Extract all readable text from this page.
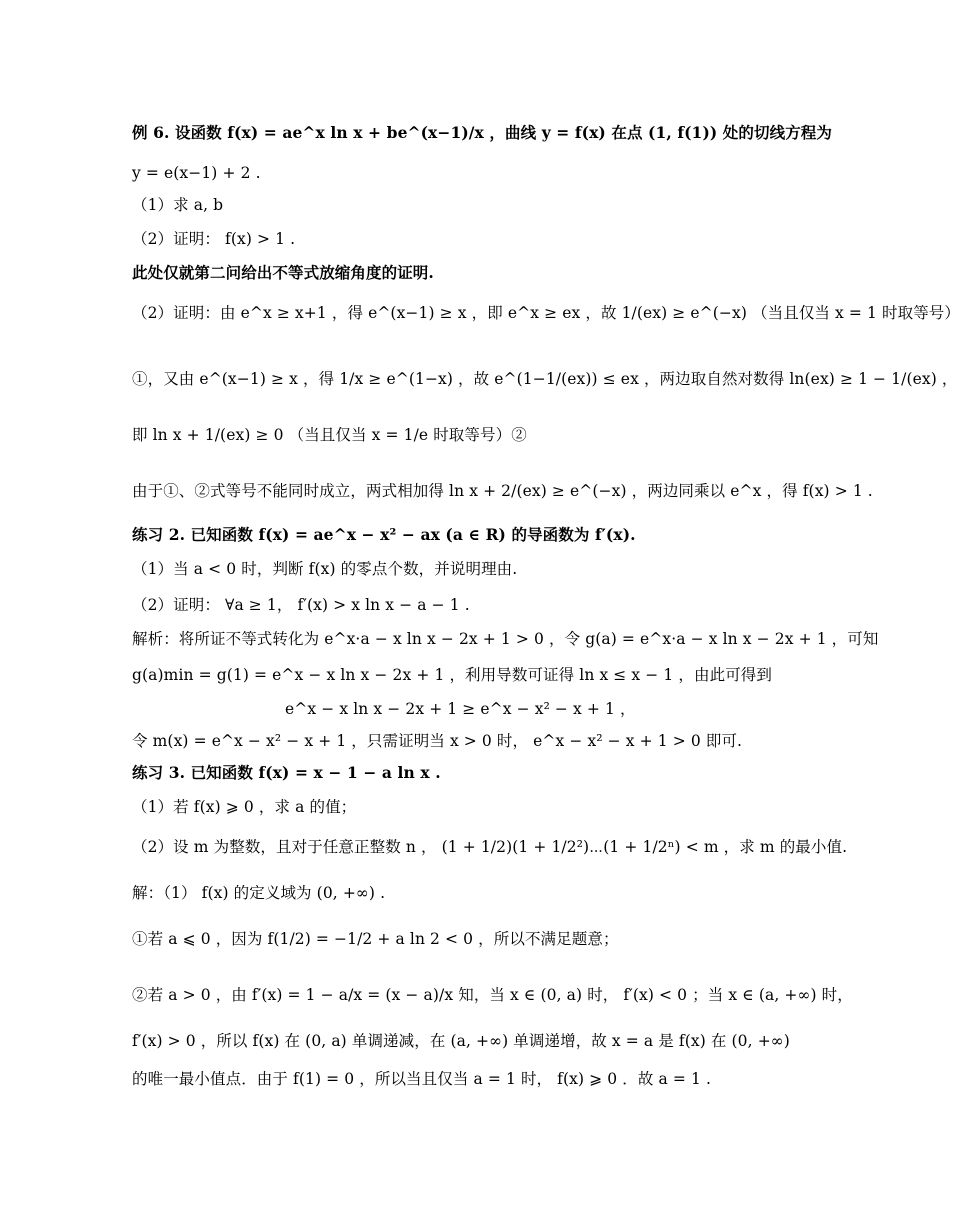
例 6. 设函数 f(x) = ae^x ln x + be^(x−1)/x ，曲线 y = f(x) 在点 (1, f(1)) 处的切线方程为
y = e(x−1) + 2 .
（1）求 a, b
（2）证明： f(x) > 1 .
此处仅就第二问给出不等式放缩角度的证明.
（2）证明：由 e^x ≥ x+1 ，得 e^(x−1) ≥ x ，即 e^x ≥ ex ，故 1/(ex) ≥ e^(−x) （当且仅当 x = 1 时取等号）
①，又由 e^(x−1) ≥ x ，得 1/x ≥ e^(1−x) ，故 e^(1−1/(ex)) ≤ ex ，两边取自然对数得 ln(ex) ≥ 1 − 1/(ex) ，
即 ln x + 1/(ex) ≥ 0 （当且仅当 x = 1/e 时取等号）②
由于①、②式等号不能同时成立，两式相加得 ln x + 2/(ex) ≥ e^(−x) ，两边同乘以 e^x ，得 f(x) > 1 .
练习 2. 已知函数 f(x) = ae^x − x² − ax (a ∈ R) 的导函数为 f′(x).
（1）当 a < 0 时，判断 f(x) 的零点个数，并说明理由.
（2）证明： ∀a ≥ 1， f′(x) > x ln x − a − 1 .
解析：将所证不等式转化为 e^x·a − x ln x − 2x + 1 > 0 ，令 g(a) = e^x·a − x ln x − 2x + 1 ，可知
g(a)min = g(1) = e^x − x ln x − 2x + 1 ，利用导数可证得 ln x ≤ x − 1 ，由此可得到
e^x − x ln x − 2x + 1 ≥ e^x − x² − x + 1 ，
令 m(x) = e^x − x² − x + 1 ，只需证明当 x > 0 时， e^x − x² − x + 1 > 0 即可.
练习 3. 已知函数 f(x) = x − 1 − a ln x .
（1）若 f(x) ⩾ 0 ，求 a 的值；
（2）设 m 为整数，且对于任意正整数 n ， (1 + 1/2)(1 + 1/2²)⋯(1 + 1/2ⁿ) < m ，求 m 的最小值.
解：（1） f(x) 的定义域为 (0, +∞) .
①若 a ⩽ 0 ，因为 f(1/2) = −1/2 + a ln 2 < 0 ，所以不满足题意；
②若 a > 0 ，由 f′(x) = 1 − a/x = (x − a)/x 知，当 x ∈ (0, a) 时， f′(x) < 0 ；当 x ∈ (a, +∞) 时，
f′(x) > 0 ，所以 f(x) 在 (0, a) 单调递减，在 (a, +∞) 单调递增，故 x = a 是 f(x) 在 (0, +∞)
的唯一最小值点．由于 f(1) = 0 ，所以当且仅当 a = 1 时， f(x) ⩾ 0 ．故 a = 1 .
